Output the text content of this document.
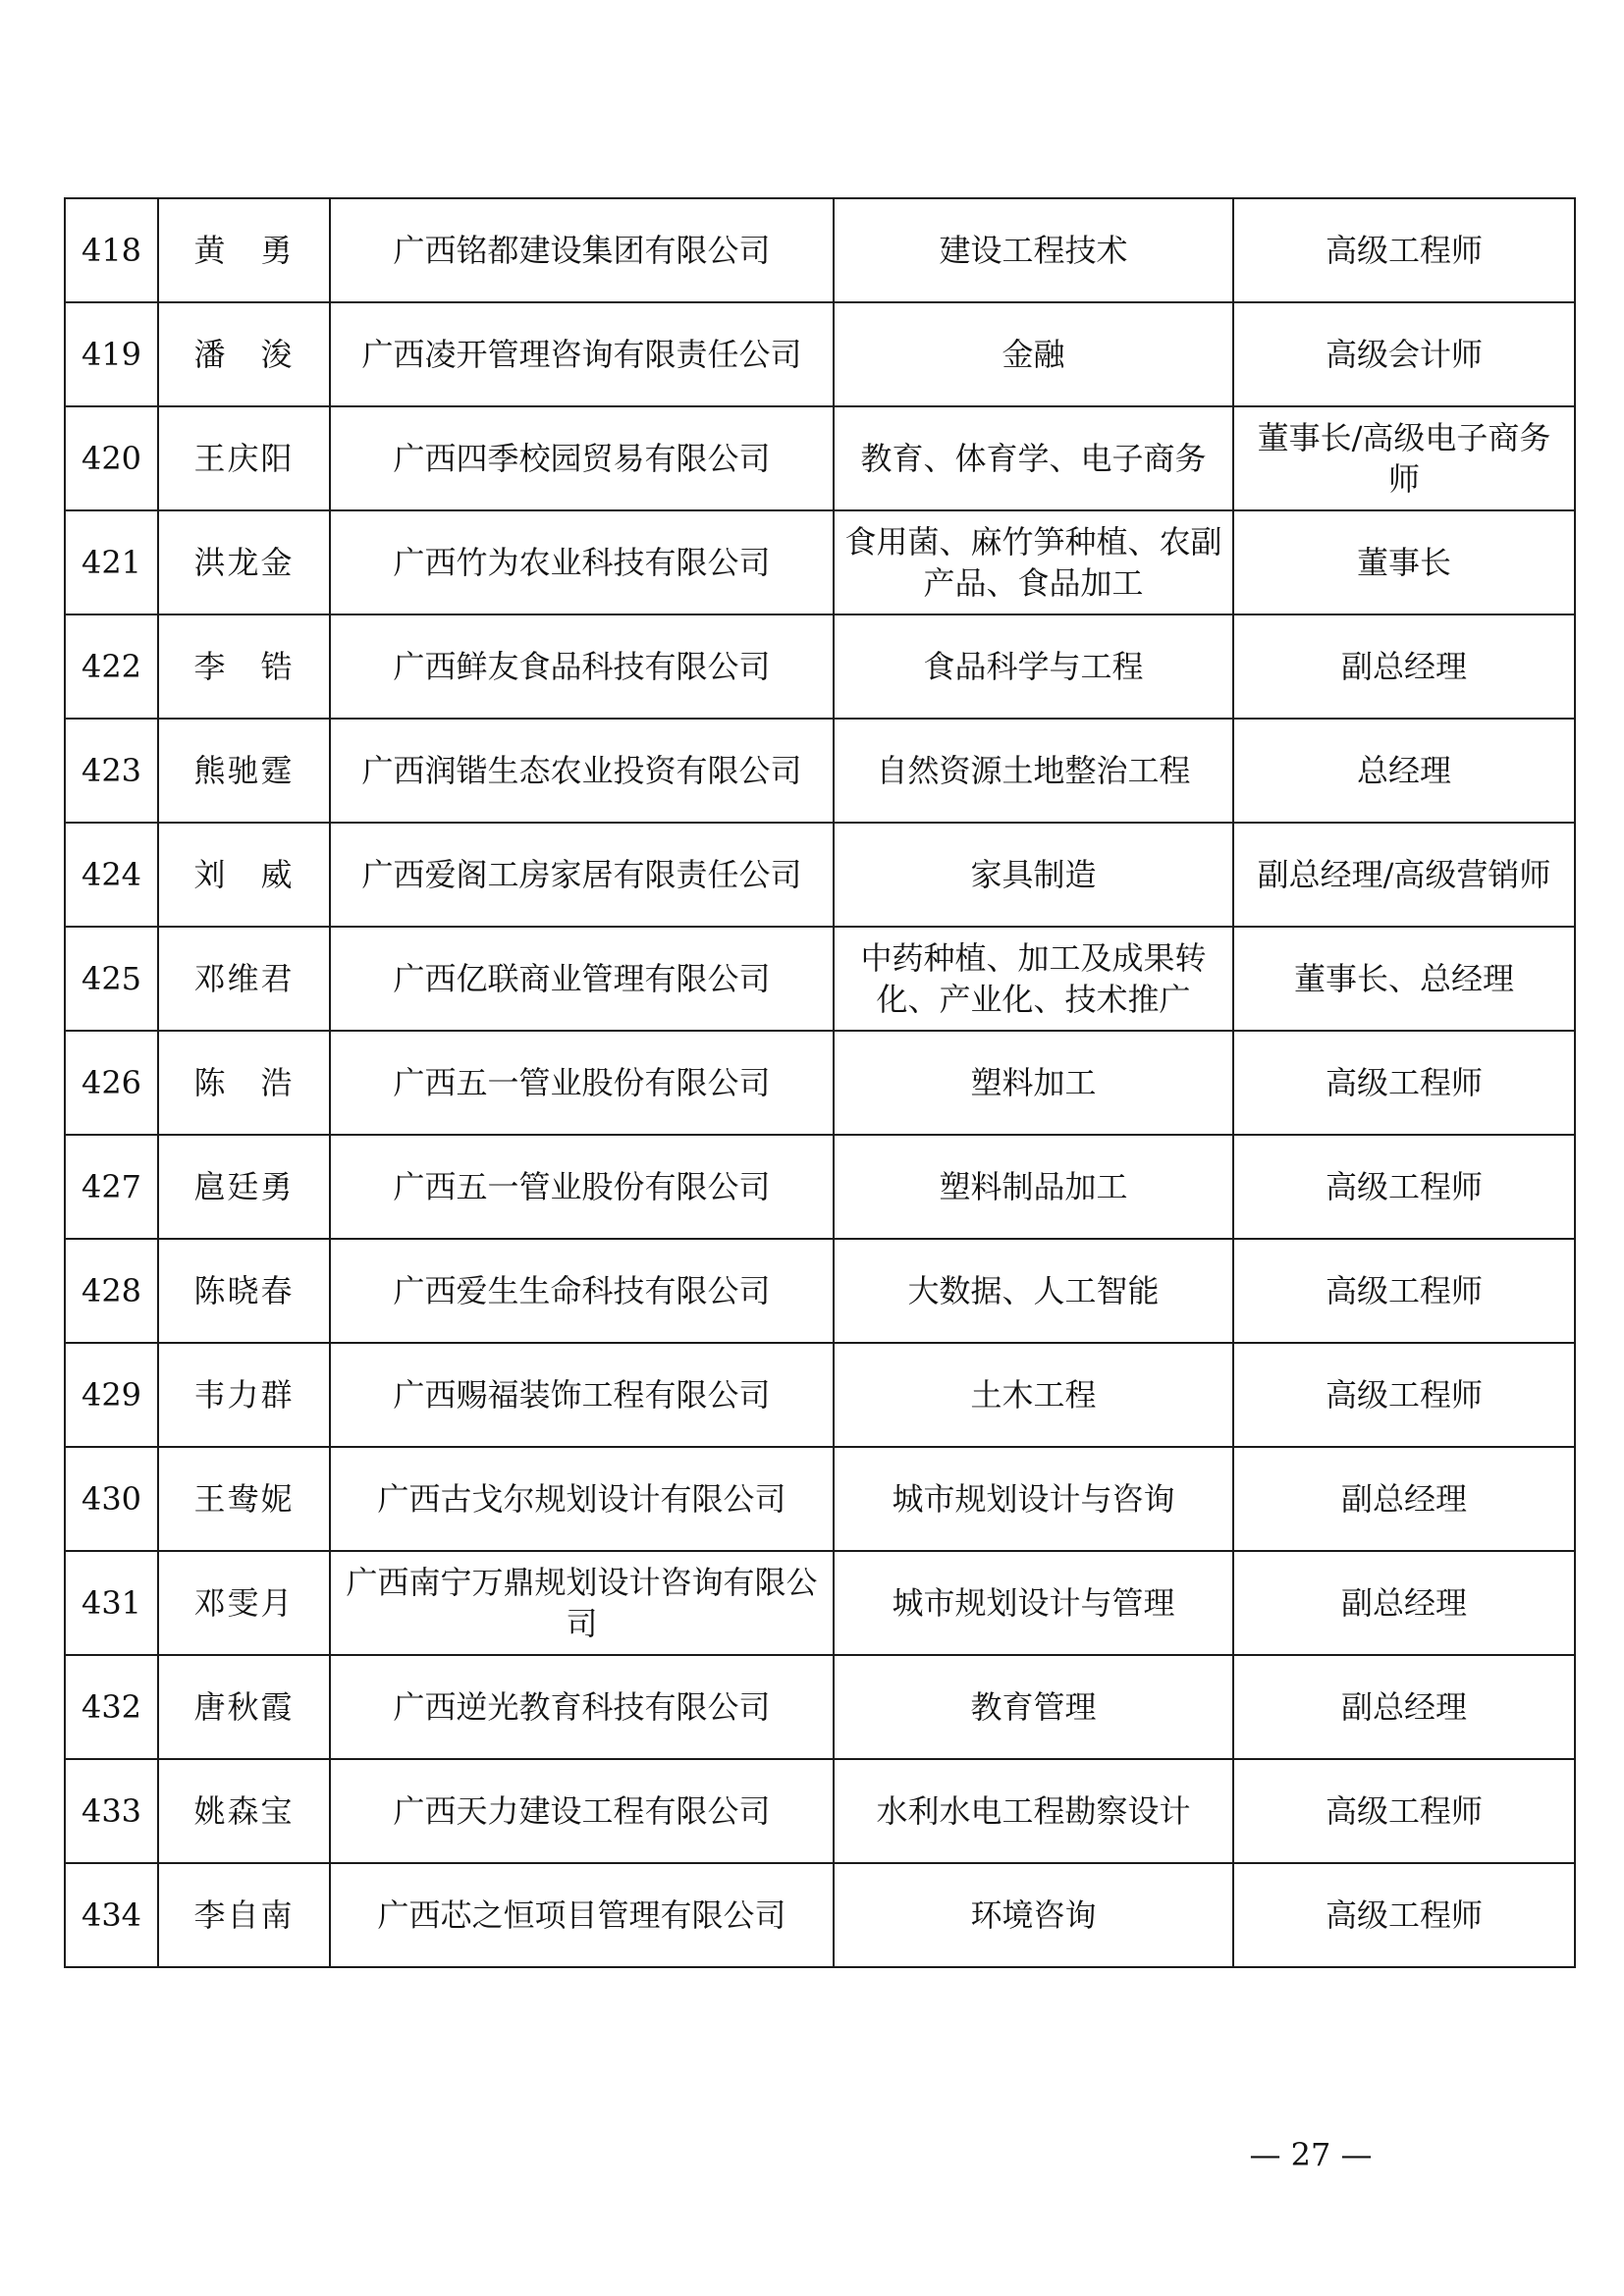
418	黄　勇	广西铭都建设集团有限公司	建设工程技术	高级工程师
419	潘　浚	广西凌开管理咨询有限责任公司	金融	高级会计师
420	王庆阳	广西四季校园贸易有限公司	教育、体育学、电子商务	董事长/高级电子商务师
421	洪龙金	广西竹为农业科技有限公司	食用菌、麻竹笋种植、农副产品、食品加工	董事长
422	李　锆	广西鲜友食品科技有限公司	食品科学与工程	副总经理
423	熊驰霆	广西润锴生态农业投资有限公司	自然资源土地整治工程	总经理
424	刘　威	广西爱阁工房家居有限责任公司	家具制造	副总经理/高级营销师
425	邓维君	广西亿联商业管理有限公司	中药种植、加工及成果转化、产业化、技术推广	董事长、总经理
426	陈　浩	广西五一管业股份有限公司	塑料加工	高级工程师
427	扈廷勇	广西五一管业股份有限公司	塑料制品加工	高级工程师
428	陈晓春	广西爱生生命科技有限公司	大数据、人工智能	高级工程师
429	韦力群	广西赐福装饰工程有限公司	土木工程	高级工程师
430	王鸯妮	广西古戈尔规划设计有限公司	城市规划设计与咨询	副总经理
431	邓雯月	广西南宁万鼎规划设计咨询有限公司	城市规划设计与管理	副总经理
432	唐秋霞	广西逆光教育科技有限公司	教育管理	副总经理
433	姚森宝	广西天力建设工程有限公司	水利水电工程勘察设计	高级工程师
434	李自南	广西芯之恒项目管理有限公司	环境咨询	高级工程师
— 27 —
